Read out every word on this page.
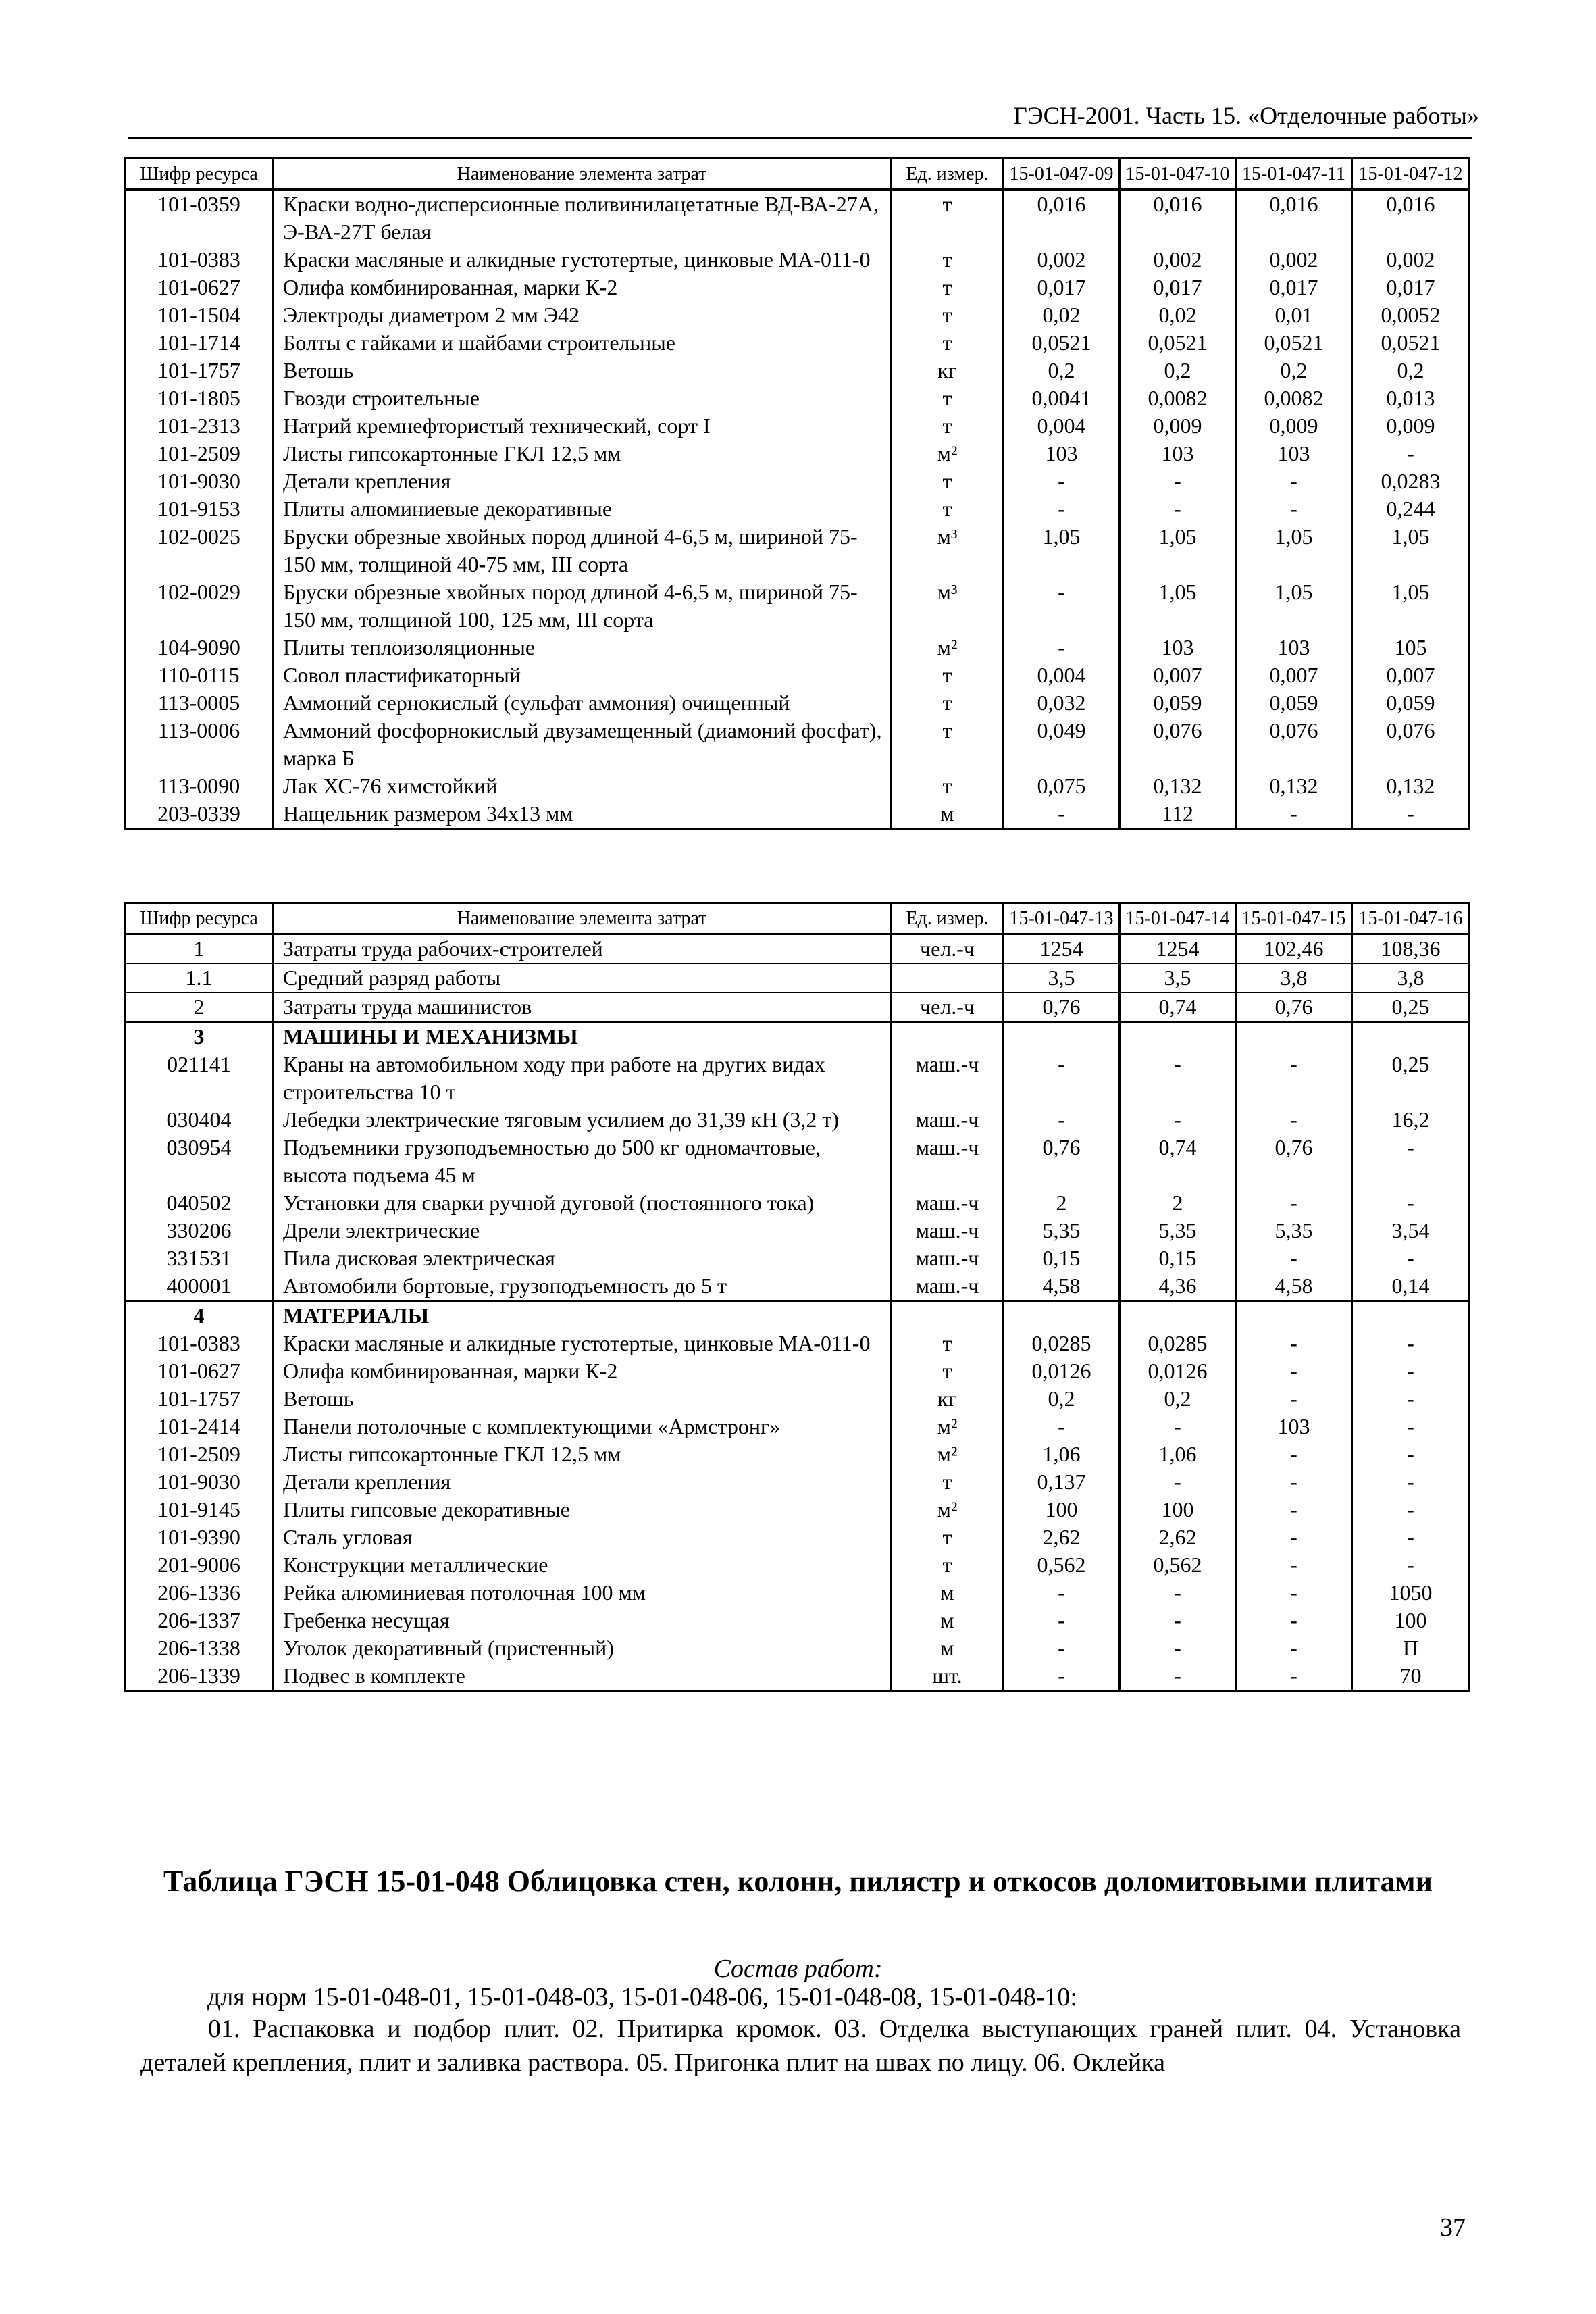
ГЭСН-2001. Часть 15. «Отделочные работы»
Шифр ресурса	Наименование элемента затрат	Ед. измер.	15-01-047-09	15-01-047-10	15-01-047-11	15-01-047-12
101-0359	Краски водно-дисперсионные поливинилацетатные ВД-ВА-27А, Э-ВА-27Т белая	т	0,016	0,016	0,016	0,016
101-0383	Краски масляные и алкидные густотертые, цинковые МА-011-0	т	0,002	0,002	0,002	0,002
101-0627	Олифа комбинированная, марки К-2	т	0,017	0,017	0,017	0,017
101-1504	Электроды диаметром 2 мм Э42	т	0,02	0,02	0,01	0,0052
101-1714	Болты с гайками и шайбами строительные	т	0,0521	0,0521	0,0521	0,0521
101-1757	Ветошь	кг	0,2	0,2	0,2	0,2
101-1805	Гвозди строительные	т	0,0041	0,0082	0,0082	0,013
101-2313	Натрий кремнефтористый технический, сорт I	т	0,004	0,009	0,009	0,009
101-2509	Листы гипсокартонные ГКЛ 12,5 мм	м²	103	103	103	-
101-9030	Детали крепления	т	-	-	-	0,0283
101-9153	Плиты алюминиевые декоративные	т	-	-	-	0,244
102-0025	Бруски обрезные хвойных пород длиной 4-6,5 м, шириной 75-150 мм, толщиной 40-75 мм, III сорта	м³	1,05	1,05	1,05	1,05
102-0029	Бруски обрезные хвойных пород длиной 4-6,5 м, шириной 75-150 мм, толщиной 100, 125 мм, III сорта	м³	-	1,05	1,05	1,05
104-9090	Плиты теплоизоляционные	м²	-	103	103	105
110-0115	Совол пластификаторный	т	0,004	0,007	0,007	0,007
113-0005	Аммоний сернокислый (сульфат аммония) очищенный	т	0,032	0,059	0,059	0,059
113-0006	Аммоний фосфорнокислый двузамещенный (диамоний фосфат), марка Б	т	0,049	0,076	0,076	0,076
113-0090	Лак ХС-76 химстойкий	т	0,075	0,132	0,132	0,132
203-0339	Нащельник размером 34х13 мм	м	-	112	-	-
Шифр ресурса	Наименование элемента затрат	Ед. измер.	15-01-047-13	15-01-047-14	15-01-047-15	15-01-047-16
1	Затраты труда рабочих-строителей	чел.-ч	1254	1254	102,46	108,36
1.1	Средний разряд работы		3,5	3,5	3,8	3,8
2	Затраты труда машинистов	чел.-ч	0,76	0,74	0,76	0,25
3	МАШИНЫ И МЕХАНИЗМЫ					
021141	Краны на автомобильном ходу при работе на других видах строительства 10 т	маш.-ч	-	-	-	0,25
030404	Лебедки электрические тяговым усилием до 31,39 кН (3,2 т)	маш.-ч	-	-	-	16,2
030954	Подъемники грузоподъемностью до 500 кг одномачтовые, высота подъема 45 м	маш.-ч	0,76	0,74	0,76	-
040502	Установки для сварки ручной дуговой (постоянного тока)	маш.-ч	2	2	-	-
330206	Дрели электрические	маш.-ч	5,35	5,35	5,35	3,54
331531	Пила дисковая электрическая	маш.-ч	0,15	0,15	-	-
400001	Автомобили бортовые, грузоподъемность до 5 т	маш.-ч	4,58	4,36	4,58	0,14
4	МАТЕРИАЛЫ					
101-0383	Краски масляные и алкидные густотертые, цинковые МА-011-0	т	0,0285	0,0285	-	-
101-0627	Олифа комбинированная, марки К-2	т	0,0126	0,0126	-	-
101-1757	Ветошь	кг	0,2	0,2	-	-
101-2414	Панели потолочные с комплектующими «Армстронг»	м²	-	-	103	-
101-2509	Листы гипсокартонные ГКЛ 12,5 мм	м²	1,06	1,06	-	-
101-9030	Детали крепления	т	0,137	-	-	-
101-9145	Плиты гипсовые декоративные	м²	100	100	-	-
101-9390	Сталь угловая	т	2,62	2,62	-	-
201-9006	Конструкции металлические	т	0,562	0,562	-	-
206-1336	Рейка алюминиевая потолочная 100 мм	м	-	-	-	1050
206-1337	Гребенка несущая	м	-	-	-	100
206-1338	Уголок декоративный (пристенный)	м	-	-	-	П
206-1339	Подвес в комплекте	шт.	-	-	-	70
Таблица ГЭСН 15-01-048 Облицовка стен, колонн, пилястр и откосов доломитовыми плитами
Состав работ:
для норм 15-01-048-01, 15-01-048-03, 15-01-048-06, 15-01-048-08, 15-01-048-10:
01. Распаковка и подбор плит. 02. Притирка кромок. 03. Отделка выступающих граней плит. 04. Установка деталей крепления, плит и заливка раствора. 05. Пригонка плит на швах по лицу. 06. Оклейка
37
